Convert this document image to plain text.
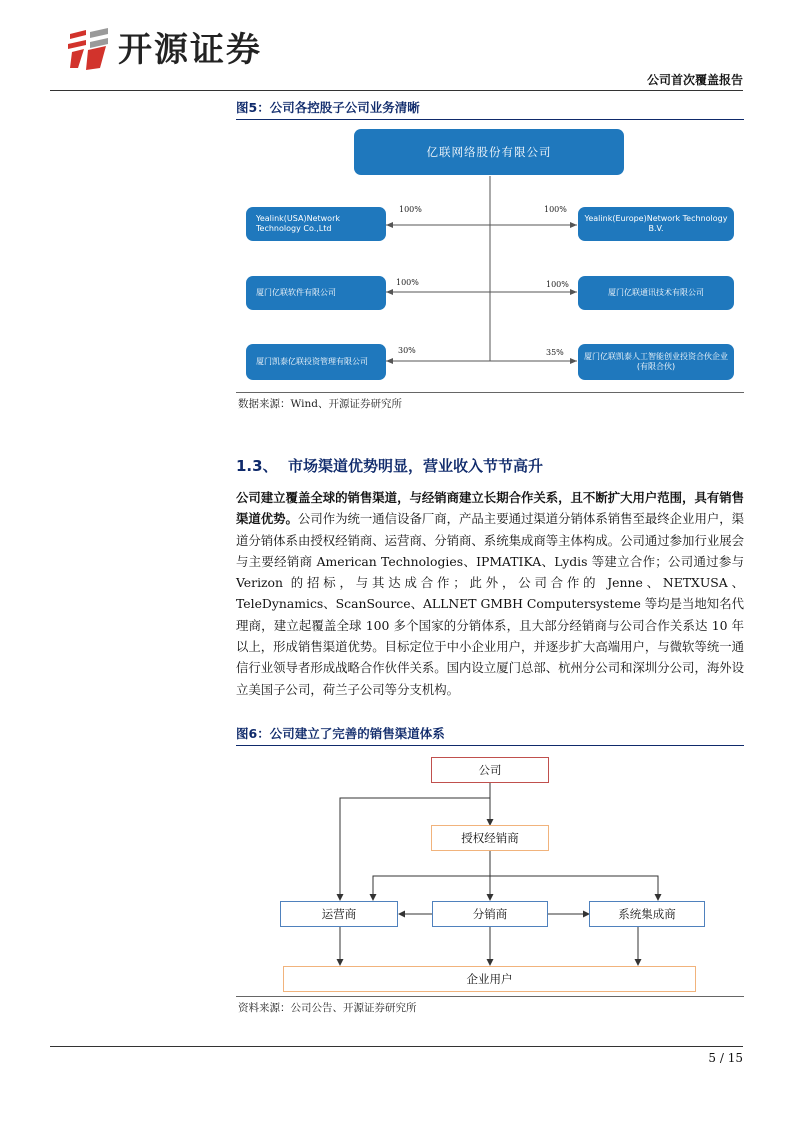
开源证券
公司首次覆盖报告
图5：公司各控股子公司业务清晰
亿联网络股份有限公司
Yealink(USA)Network Technology Co.,Ltd
Yealink(Europe)Network Technology B.V.
厦门亿联软件有限公司	厦门亿联通讯技术有限公司
厦门凯泰亿联投资管理有限公司
厦门亿联凯泰人工智能创业投资合伙企业(有限合伙)
100%	100%
100%	100%
30%	35%
数据来源：Wind、开源证券研究所
1.3、 市场渠道优势明显，营业收入节节高升
公司建立覆盖全球的销售渠道，与经销商建立长期合作关系，且不断扩大用户范围，具有销售渠道优势。公司作为统一通信设备厂商，产品主要通过渠道分销体系销售至最终企业用户，渠道分销体系由授权经销商、运营商、分销商、系统集成商等主体构成。公司通过参加行业展会与主要经销商 American Technologies、IPMATIKA、Lydis 等建立合作；公司通过参与 Verizon 的招标，与其达成合作；此外，公司合作的 Jenne、NETXUSA、TeleDynamics、ScanSource、ALLNET GMBH Computersysteme 等均是当地知名代理商，建立起覆盖全球 100 多个国家的分销体系，且大部分经销商与公司合作关系达 10 年以上，形成销售渠道优势。目标定位于中小企业用户，并逐步扩大高端用户，与微软等统一通信行业领导者形成战略合作伙伴关系。国内设立厦门总部、杭州分公司和深圳分公司，海外设立美国子公司，荷兰子公司等分支机构。
图6：公司建立了完善的销售渠道体系
公司
授权经销商
运营商	分销商	系统集成商
企业用户
资料来源：公司公告、开源证券研究所
5 / 15
